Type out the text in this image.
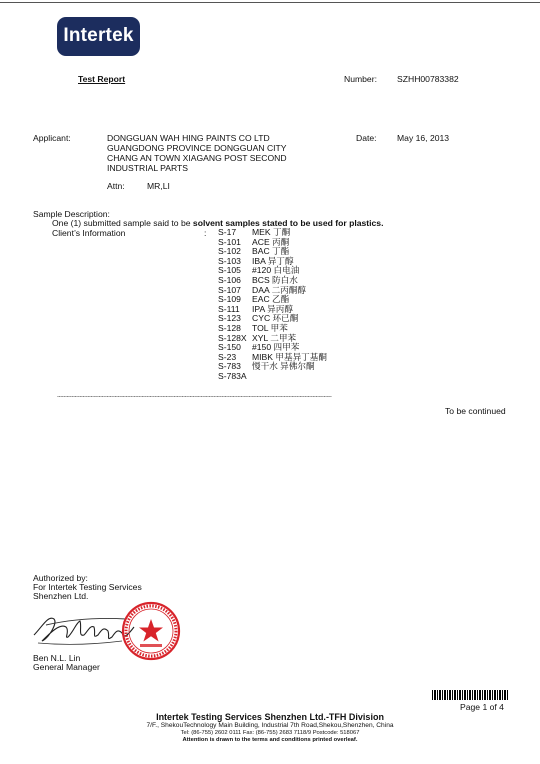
Intertek
Test Report	Number: SZHH00783382
Applicant:	DONGGUAN WAH HING PAINTS CO LTD
GUANGDONG PROVINCE DONGGUAN CITY
CHANG AN TOWN XIAGANG POST SECOND
INDUSTRIAL PARTS
Date: May 16, 2013
Attn:	MR,LI
Sample Description:
One (1) submitted sample said to be solvent samples stated to be used for plastics.
Client’s Information	: S-17 MEK 丁酮
S-101 ACE 丙酮
S-102 BAC 丁酯
S-103 IBA 异丁醇
S-105 #120 白电油
S-106 BCS 防白水
S-107 DAA 二丙酮醇
S-109 EAC 乙酯
S-111 IPA 异丙醇
S-123 CYC 环已酮
S-128 TOL 甲苯
S-128X XYL 二甲苯
S-150 #150 四甲苯
S-23 MIBK 甲基异丁基酮
S-783 慢干水 异佛尔酮
S-783A
****************************************************************************************************************************************************************************
To be continued
Authorized by:
For Intertek Testing Services
Shenzhen Ltd.
Ben N.L. Lin
General Manager
Page 1 of 4
Intertek Testing Services Shenzhen Ltd.-TFH Division
7/F., ShekouTechnology Main Building, Industrial 7th Road,Shekou,Shenzhen, China
Tel: (86-755) 2602 0111 Fax: (86-755) 2683 7118/9 Postcode: 518067
Attention is drawn to the terms and conditions printed overleaf.
